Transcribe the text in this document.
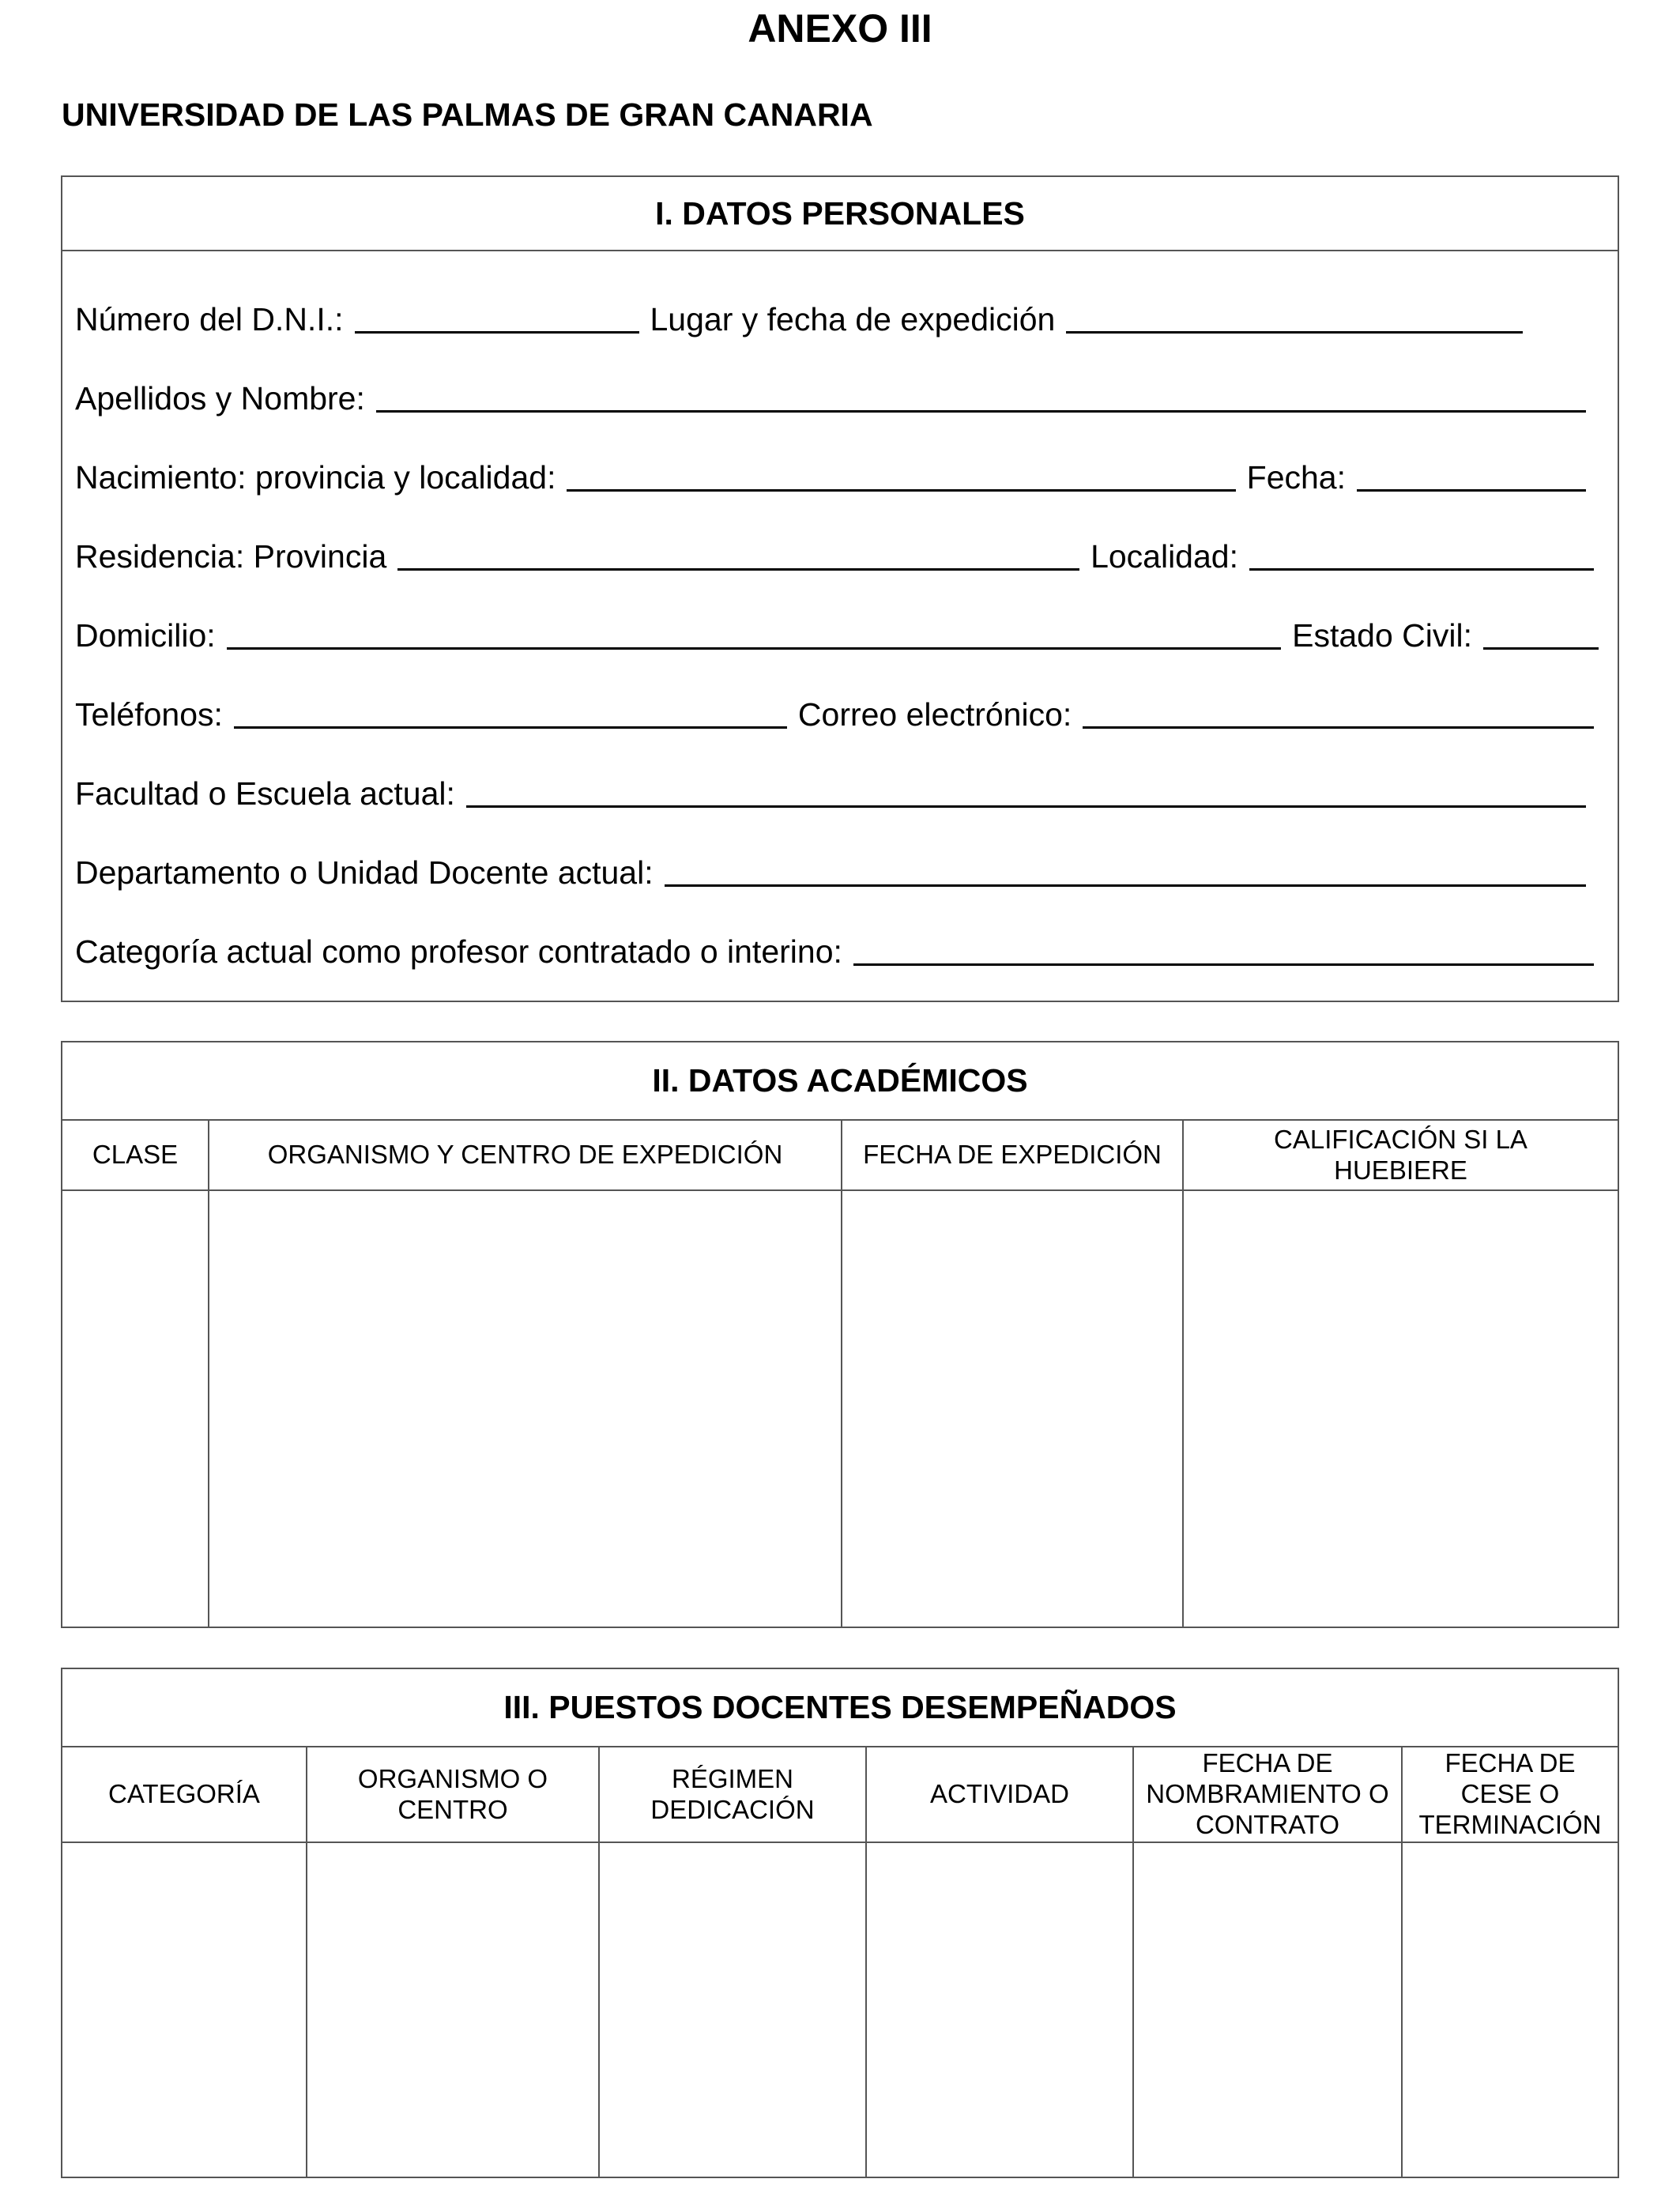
ANEXO III
UNIVERSIDAD DE LAS PALMAS DE GRAN CANARIA
I. DATOS PERSONALES
Número del D.N.I.:	Lugar y fecha de expedición
Apellidos y Nombre:
Nacimiento: provincia y localidad:	Fecha:
Residencia: Provincia	Localidad:
Domicilio:	Estado Civil:
Teléfonos:	Correo electrónico:
Facultad o Escuela actual:
Departamento o Unidad Docente actual:
Categoría actual como profesor contratado o interino:
II. DATOS ACADÉMICOS
CLASE	ORGANISMO Y CENTRO DE EXPEDICIÓN	FECHA DE EXPEDICIÓN	CALIFICACIÓN SI LA HUEBIERE

III. PUESTOS DOCENTES DESEMPEÑADOS
CATEGORÍA	ORGANISMO O CENTRO	RÉGIMEN DEDICACIÓN	ACTIVIDAD	FECHA DE NOMBRAMIENTO O CONTRATO	FECHA DE CESE O TERMINACIÓN
